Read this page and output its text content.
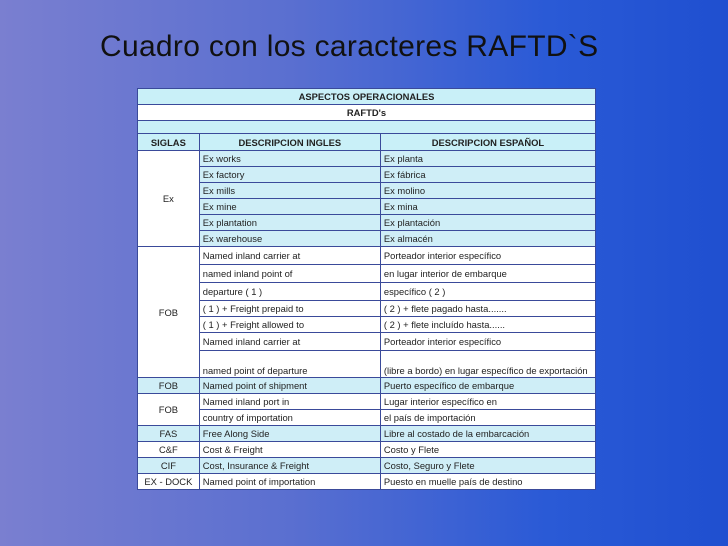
Cuadro con los caracteres RAFTD`S
ASPECTOS OPERACIONALES		
RAFTD's		

SIGLAS	DESCRIPCION INGLES	DESCRIPCION ESPAÑOL
Ex	Ex works	Ex planta
	Ex factory	Ex fábrica
	Ex mills	Ex molino
	Ex mine	Ex mina
	Ex plantation	Ex plantación
	Ex warehouse	Ex almacén
FOB	Named inland carrier at	Porteador interior específico
	named inland point of	en lugar interior de embarque
	departure ( 1 )	específico ( 2 )
	( 1 ) + Freight prepaid to	( 2 ) + flete pagado hasta.......
	( 1 ) + Freight allowed to	( 2 ) + flete incluído hasta......
	Named inland carrier at	Porteador interior específico
	named point of departure	(libre a bordo) en lugar específico de exportación
FOB	Named point of shipment	Puerto específico de embarque
FOB	Named inland port in	Lugar interior específico en
	country of importation	el país de importación
FAS	Free Along Side	Libre al costado de la embarcación
C&F	Cost & Freight	Costo y Flete
CIF	Cost, Insurance & Freight	Costo, Seguro y Flete
EX - DOCK	Named point of importation	Puesto en muelle país de destino
